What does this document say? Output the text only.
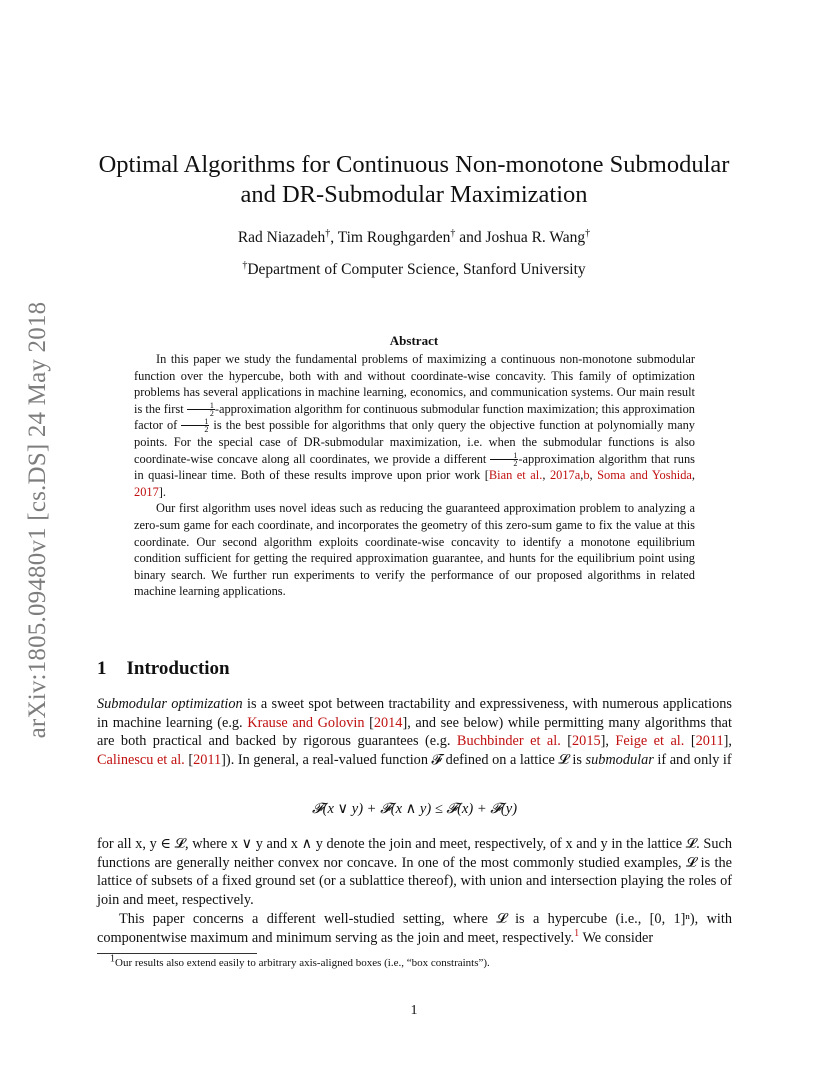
arXiv:1805.09480v1 [cs.DS] 24 May 2018
Optimal Algorithms for Continuous Non-monotone Submodular
and DR-Submodular Maximization
Rad Niazadeh†, Tim Roughgarden† and Joshua R. Wang†
†Department of Computer Science, Stanford University
Abstract

In this paper we study the fundamental problems of maximizing a continuous non-monotone submodular function over the hypercube, both with and without coordinate-wise concavity. This family of optimization problems has several applications in machine learning, economics, and communication systems. Our main result is the first $\frac{1}{2}$ -approximation algorithm for continuous submodular function maximization; this approximation factor of $\frac{1}{2}$ is the best possible for algorithms that only query the objective function at polynomially many points. For the special case of DR-submodular maximization, i.e. when the submodular functions is also coordinate-wise concave along all coordinates, we provide a different $\frac{1}{2}$ -approximation algorithm that runs in quasi-linear time. Both of these results improve upon prior work [Bian et al., 2017a,b, Soma and Yoshida, 2017].

Our first algorithm uses novel ideas such as reducing the guaranteed approximation problem to analyzing a zero-sum game for each coordinate, and incorporates the geometry of this zero-sum game to fix the value at this coordinate. Our second algorithm exploits coordinate-wise concavity to identify a monotone equilibrium condition sufficient for getting the required approximation guarantee, and hunts for the equilibrium point using binary search. We further run experiments to verify the performance of our proposed algorithms in related machine learning applications.

1 Introduction

Submodular optimization is a sweet spot between tractability and expressiveness, with numerous applications in machine learning (e.g. Krause and Golovin [2014], and see below) while permitting many algorithms that are both practical and backed by rigorous guarantees (e.g. Buchbinder et al. [2015], Feige et al. [2011], Calinescu et al. [2011]). In general, a real-valued function 𝓕 defined on a lattice 𝓛 is submodular if and only if

𝓕(x ∨ y) + 𝓕(x ∧ y) ≤ 𝓕(x) + 𝓕(y)

for all x, y ∈ 𝓛, where x ∨ y and x ∧ y denote the join and meet, respectively, of x and y in the lattice 𝓛. Such functions are generally neither convex nor concave. In one of the most commonly studied examples, 𝓛 is the lattice of subsets of a fixed ground set (or a sublattice thereof), with union and intersection playing the roles of join and meet, respectively.

This paper concerns a different well-studied setting, where 𝓛 is a hypercube (i.e., [0, 1]ⁿ), with componentwise maximum and minimum serving as the join and meet, respectively.$^1$ We consider

$^1$Our results also extend easily to arbitrary axis-aligned boxes (i.e., “box constraints”).
1
